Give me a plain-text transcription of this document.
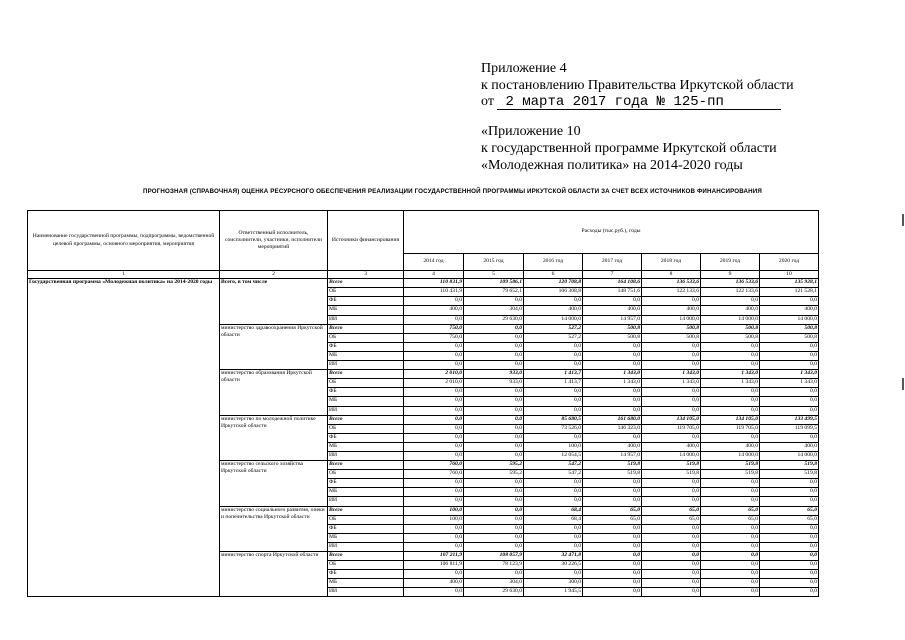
Приложение 4
к постановлению Правительства Иркутской области
от 2 марта 2017 года № 125-пп
«Приложение 10
к государственной программе Иркутской области
«Молодежная политика» на 2014-2020 годы
ПРОГНОЗНАЯ (СПРАВОЧНАЯ) ОЦЕНКА РЕСУРСНОГО ОБЕСПЕЧЕНИЯ РЕАЛИЗАЦИИ ГОСУДАРСТВЕННОЙ ПРОГРАММЫ ИРКУТСКОЙ ОБЛАСТИ ЗА СЧЕТ ВСЕХ ИСТОЧНИКОВ ФИНАНСИРОВАНИЯ
Наименование государственной программы, подпрограммы, ведомственной целевой программы, основного мероприятия, мероприятия	Ответственный исполнитель, соисполнители, участники, исполнители мероприятий	Источники финансирования	Расходы (тыс.руб.), годы						
			2014 год	2015 год	2016 год	2017 год	2018 год	2019 год	2020 год
1	2	3	4	5	6	7	8	9	10
Государственная программа «Молодежная политика» на 2014-2020 годы	Всего, в том числе	Всего	110 831,9	109 586,1	120 708,8	164 108,6	136 533,6	136 533,6	135 928,1
		ОБ	110 431,9	79 652,1	106 308,8	148 751,6	122 133,6	122 133,6	121 528,1
		ФБ	0,0	0,0	0,0	0,0	0,0	0,0	0,0
		МБ	400,0	304,0	400,0	400,0	400,0	400,0	400,0
		ИИ	0,0	29 630,0	14 000,0	14 957,0	14 000,0	14 000,0	14 000,0
	министерство здравоохранения Иркутской области	Всего	750,0	0,0	527,2	500,8	500,8	500,8	500,8
		ОБ	750,0	0,0	527,2	500,8	500,8	500,8	500,8
		ФБ	0,0	0,0	0,0	0,0	0,0	0,0	0,0
		МБ	0,0	0,0	0,0	0,0	0,0	0,0	0,0
		ИИ	0,0	0,0	0,0	0,0	0,0	0,0	0,0
	министерство образования Иркутской области	Всего	2 010,0	933,0	1 413,7	1 343,0	1 343,0	1 343,0	1 343,0
		ОБ	2 010,0	933,0	1 413,7	1 343,0	1 343,0	1 343,0	1 343,0
		ФБ	0,0	0,0	0,0	0,0	0,0	0,0	0,0
		МБ	0,0	0,0	0,0	0,0	0,0	0,0	0,0
		ИИ	0,0	0,0	0,0	0,0	0,0	0,0	0,0
	министерство по молодежной политике Иркутской области	Всего	0,0	0,0	85 680,5	161 680,0	134 105,0	134 105,0	133 499,5
		ОБ	0,0	0,0	73 526,0	146 323,0	119 705,0	119 705,0	119 099,5
		ФБ	0,0	0,0	0,0	0,0	0,0	0,0	0,0
		МБ	0,0	0,0	100,0	400,0	400,0	400,0	400,0
		ИИ	0,0	0,0	12 054,5	14 957,0	14 000,0	14 000,0	14 000,0
	министерство сельского хозяйства Иркутской области	Всего	760,0	595,2	547,2	519,8	519,8	519,8	519,8
		ОБ	760,0	595,2	547,2	519,8	519,8	519,8	519,8
		ФБ	0,0	0,0	0,0	0,0	0,0	0,0	0,0
		МБ	0,0	0,0	0,0	0,0	0,0	0,0	0,0
		ИИ	0,0	0,0	0,0	0,0	0,0	0,0	0,0
	министерство социального развития, опеки и попечительства Иркутской области	Всего	100,0	0,0	68,4	65,0	65,0	65,0	65,0
		ОБ	100,0	0,0	68,4	65,0	65,0	65,0	65,0
		ФБ	0,0	0,0	0,0	0,0	0,0	0,0	0,0
		МБ	0,0	0,0	0,0	0,0	0,0	0,0	0,0
		ИИ	0,0	0,0	0,0	0,0	0,0	0,0	0,0
	министерство спорта Иркутской области	Всего	107 211,9	108 057,9	32 471,8	0,0	0,0	0,0	0,0
		ОБ	106 811,9	78 123,9	30 226,5	0,0	0,0	0,0	0,0
		ФБ	0,0	0,0	0,0	0,0	0,0	0,0	0,0
		МБ	400,0	304,0	300,0	0,0	0,0	0,0	0,0
		ИИ	0,0	29 630,0	1 945,5	0,0	0,0	0,0	0,0
